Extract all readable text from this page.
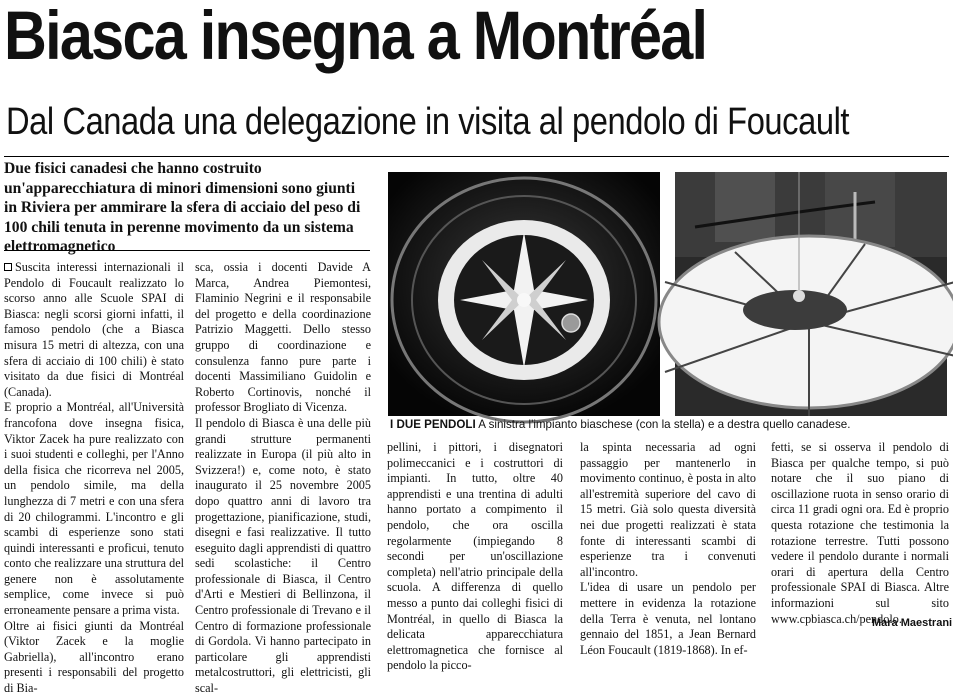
Biasca insegna a Montréal
Dal Canada una delegazione in visita al pendolo di Foucault

Due fisici canadesi che hanno costruito un'apparecchiatura di minori dimensioni sono giunti in Riviera per ammirare la sfera di acciaio del peso di 100 chili tenuta in perenne movimento da un sistema elettromagnetico

I DUE PENDOLI A sinistra l'impianto biaschese (con la stella) e a destra quello canadese.

Suscita interessi internazionali il Pendolo di Foucault realizzato lo scorso anno alle Scuole SPAI di Biasca: negli scorsi giorni infatti, il famoso pendolo (che a Biasca misura 15 metri di altezza, con una sfera di acciaio di 100 chili) è stato visitato da due fisici di Montréal (Canada).

E proprio a Montréal, all'Università francofona dove insegna fisica, Viktor Zacek ha pure realizzato con i suoi studenti e colleghi, per l'Anno della fisica che ricorreva nel 2005, un pendolo simile, ma della lunghezza di 7 metri e con una sfera di 20 chilogrammi. L'incontro e gli scambi di esperienze sono stati quindi interessanti e proficui, tenuto conto che realizzare una struttura del genere non è assolutamente semplice, come invece si può erroneamente pensare a prima vista.

Oltre ai fisici giunti da Montréal (Viktor Zacek e la moglie Gabriella), all'incontro erano presenti i responsabili del progetto di Bia-

sca, ossia i docenti Davide A Marca, Andrea Piemontesi, Flaminio Negrini e il responsabile del progetto e della coordinazione Patrizio Maggetti. Dello stesso gruppo di coordinazione e consulenza fanno pure parte i docenti Massimiliano Guidolin e Roberto Cortinovis, nonché il professor Brogliato di Vicenza.

Il pendolo di Biasca è una delle più grandi strutture permanenti realizzate in Europa (il più alto in Svizzera!) e, come noto, è stato inaugurato il 25 novembre 2005 dopo quattro anni di lavoro tra progettazione, pianificazione, studi, disegni e fasi realizzative. Il tutto eseguito dagli apprendisti di quattro sedi scolastiche: il Centro professionale di Biasca, il Centro d'Arti e Mestieri di Bellinzona, il Centro professionale di Trevano e il Centro di formazione professionale di Gordola. Vi hanno partecipato in particolare gli apprendisti metalcostruttori, gli elettricisti, gli scal-

pellini, i pittori, i disegnatori polimeccanici e i costruttori di impianti. In tutto, oltre 40 apprendisti e una trentina di adulti hanno portato a compimento il pendolo, che ora oscilla regolarmente (impiegando 8 secondi per un'oscillazione completa) nell'atrio principale della scuola. A differenza di quello messo a punto dai colleghi fisici di Montréal, in quello di Biasca la delicata apparecchiatura elettromagnetica che fornisce al pendolo la picco-

la spinta necessaria ad ogni passaggio per mantenerlo in movimento continuo, è posta in alto all'estremità superiore del cavo di 15 metri. Già solo questa diversità nei due progetti realizzati è stata fonte di interessanti scambi di esperienze tra i convenuti all'incontro.

L'idea di usare un pendolo per mettere in evidenza la rotazione della Terra è venuta, nel lontano gennaio del 1851, a Jean Bernard Léon Foucault (1819-1868). In ef-

fetti, se si osserva il pendolo di Biasca per qualche tempo, si può notare che il suo piano di oscillazione ruota in senso orario di circa 11 gradi ogni ora. Ed è proprio questa rotazione che testimonia la rotazione terrestre. Tutti possono vedere il pendolo durante i normali orari di apertura della Centro professionale SPAI di Biasca. Altre informazioni sul sito www.cpbiasca.ch/pendolo.

Mara Maestrani
